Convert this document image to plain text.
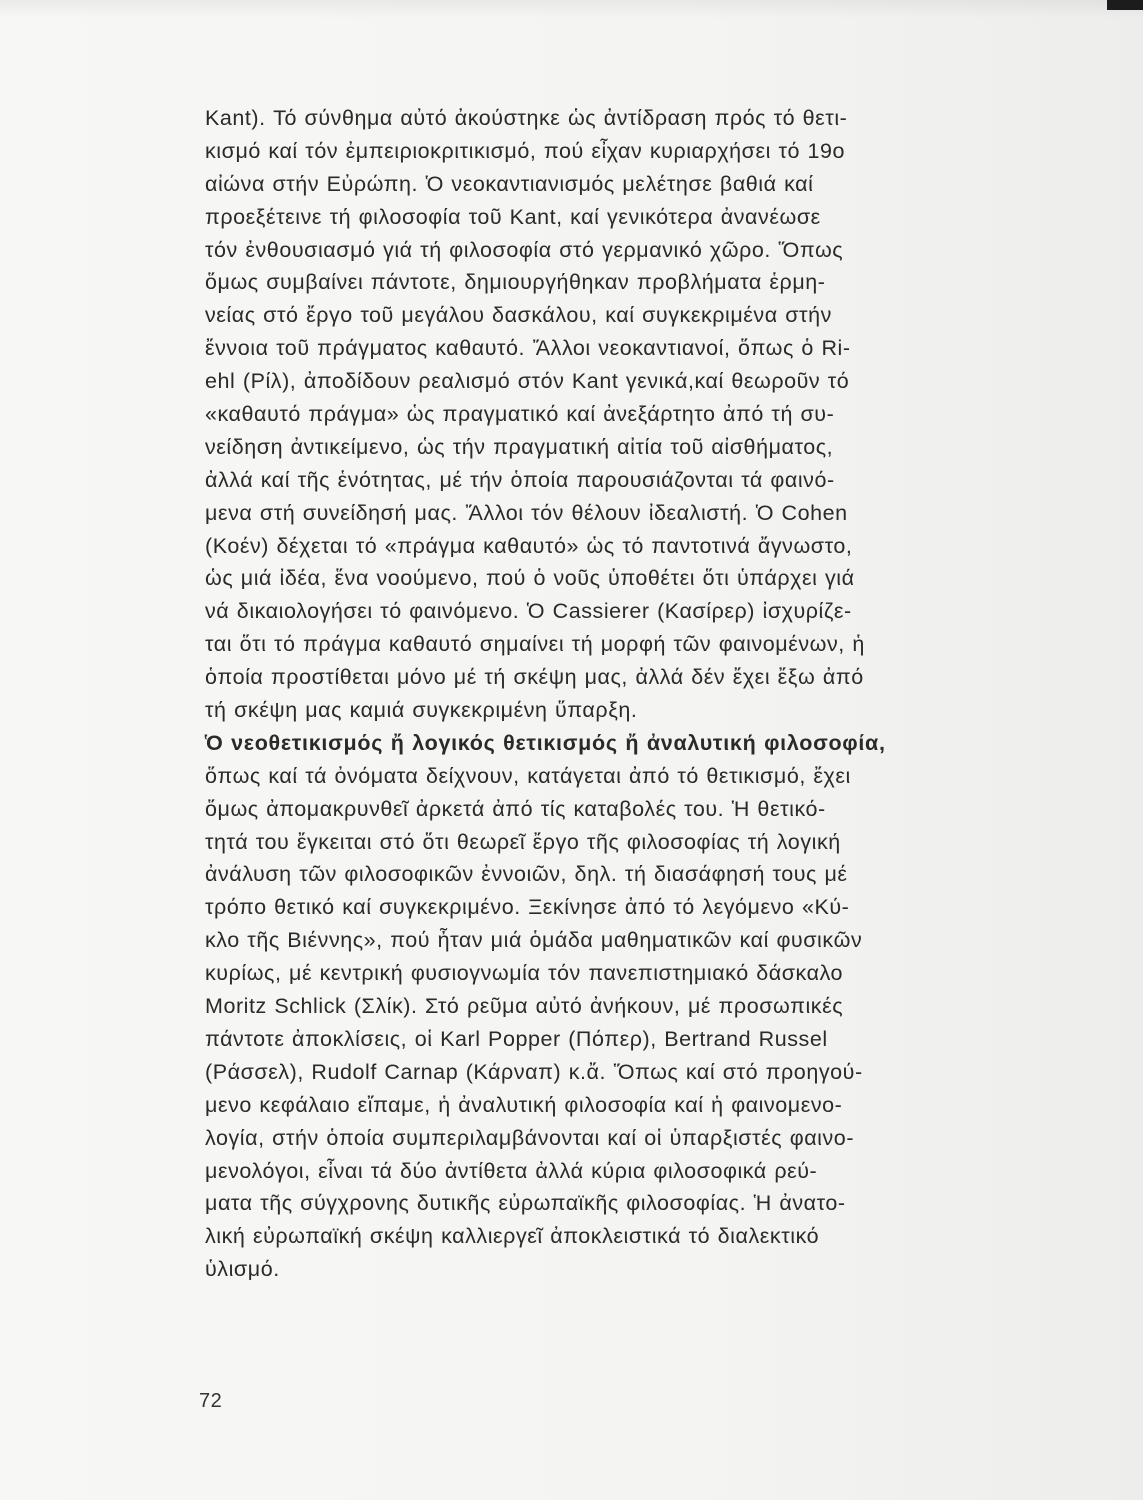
Kant). Τό σύνθημα αὐτό ἀκούστηκε ὡς ἀντίδραση πρός τό θετι-
κισμό καί τόν ἐμπειριοκριτικισμό, πού εἶχαν κυριαρχήσει τό 19ο
αἰώνα στήν Εὐρώπη. Ὁ νεοκαντιανισμός μελέτησε βαθιά καί
προεξέτεινε τή φιλοσοφία τοῦ Kant, καί γενικότερα ἀνανέωσε
τόν ἐνθουσιασμό γιά τή φιλοσοφία στό γερμανικό χῶρο. Ὅπως
ὅμως συμβαίνει πάντοτε, δημιουργήθηκαν προβλήματα ἑρμη-
νείας στό ἔργο τοῦ μεγάλου δασκάλου, καί συγκεκριμένα στήν
ἔννοια τοῦ πράγματος καθαυτό. Ἄλλοι νεοκαντιανοί, ὅπως ὁ Ri-
ehl (Ρίλ), ἀποδίδουν ρεαλισμό στόν Kant γενικά,καί θεωροῦν τό
«καθαυτό πράγμα» ὡς πραγματικό καί ἀνεξάρτητο ἀπό τή συ-
νείδηση ἀντικείμενο, ὡς τήν πραγματική αἰτία τοῦ αἰσθήματος,
ἀλλά καί τῆς ἑνότητας, μέ τήν ὁποία παρουσιάζονται τά φαινό-
μενα στή συνείδησή μας. Ἄλλοι τόν θέλουν ἰδεαλιστή. Ὁ Cohen
(Κοέν) δέχεται τό «πράγμα καθαυτό» ὡς τό παντοτινά ἄγνωστο,
ὡς μιά ἰδέα, ἕνα νοούμενο, πού ὁ νοῦς ὑποθέτει ὅτι ὑπάρχει γιά
νά δικαιολογήσει τό φαινόμενο. Ὁ Cassierer (Κασίρερ) ἰσχυρίζε-
ται ὅτι τό πράγμα καθαυτό σημαίνει τή μορφή τῶν φαινομένων, ἡ
ὁποία προστίθεται μόνο μέ τή σκέψη μας, ἀλλά δέν ἔχει ἔξω ἀπό
τή σκέψη μας καμιά συγκεκριμένη ὕπαρξη.
Ὁ νεοθετικισμός ἤ λογικός θετικισμός ἤ ἀναλυτική φιλοσοφία,
ὅπως καί τά ὀνόματα δείχνουν, κατάγεται ἀπό τό θετικισμό, ἔχει
ὅμως ἀπομακρυνθεῖ ἀρκετά ἀπό τίς καταβολές του. Ἡ θετικό-
τητά του ἔγκειται στό ὅτι θεωρεῖ ἔργο τῆς φιλοσοφίας τή λογική
ἀνάλυση τῶν φιλοσοφικῶν ἐννοιῶν, δηλ. τή διασάφησή τους μέ
τρόπο θετικό καί συγκεκριμένο. Ξεκίνησε ἀπό τό λεγόμενο «Κύ-
κλο τῆς Βιέννης», πού ἦταν μιά ὁμάδα μαθηματικῶν καί φυσικῶν
κυρίως, μέ κεντρική φυσιογνωμία τόν πανεπιστημιακό δάσκαλο
Moritz Schlick (Σλίκ). Στό ρεῦμα αὐτό ἀνήκουν, μέ προσωπικές
πάντοτε ἀποκλίσεις, οἱ Karl Popper (Πόπερ), Bertrand Russel
(Ράσσελ), Rudolf Carnap (Κάρναπ) κ.ἄ. Ὅπως καί στό προηγού-
μενο κεφάλαιο εἴπαμε, ἡ ἀναλυτική φιλοσοφία καί ἡ φαινομενο-
λογία, στήν ὁποία συμπεριλαμβάνονται καί οἱ ὑπαρξιστές φαινο-
μενολόγοι, εἶναι τά δύο ἀντίθετα ἀλλά κύρια φιλοσοφικά ρεύ-
ματα τῆς σύγχρονης δυτικῆς εὐρωπαϊκῆς φιλοσοφίας. Ἡ ἀνατο-
λική εὐρωπαϊκή σκέψη καλλιεργεῖ ἀποκλειστικά τό διαλεκτικό
ὑλισμό.
72
